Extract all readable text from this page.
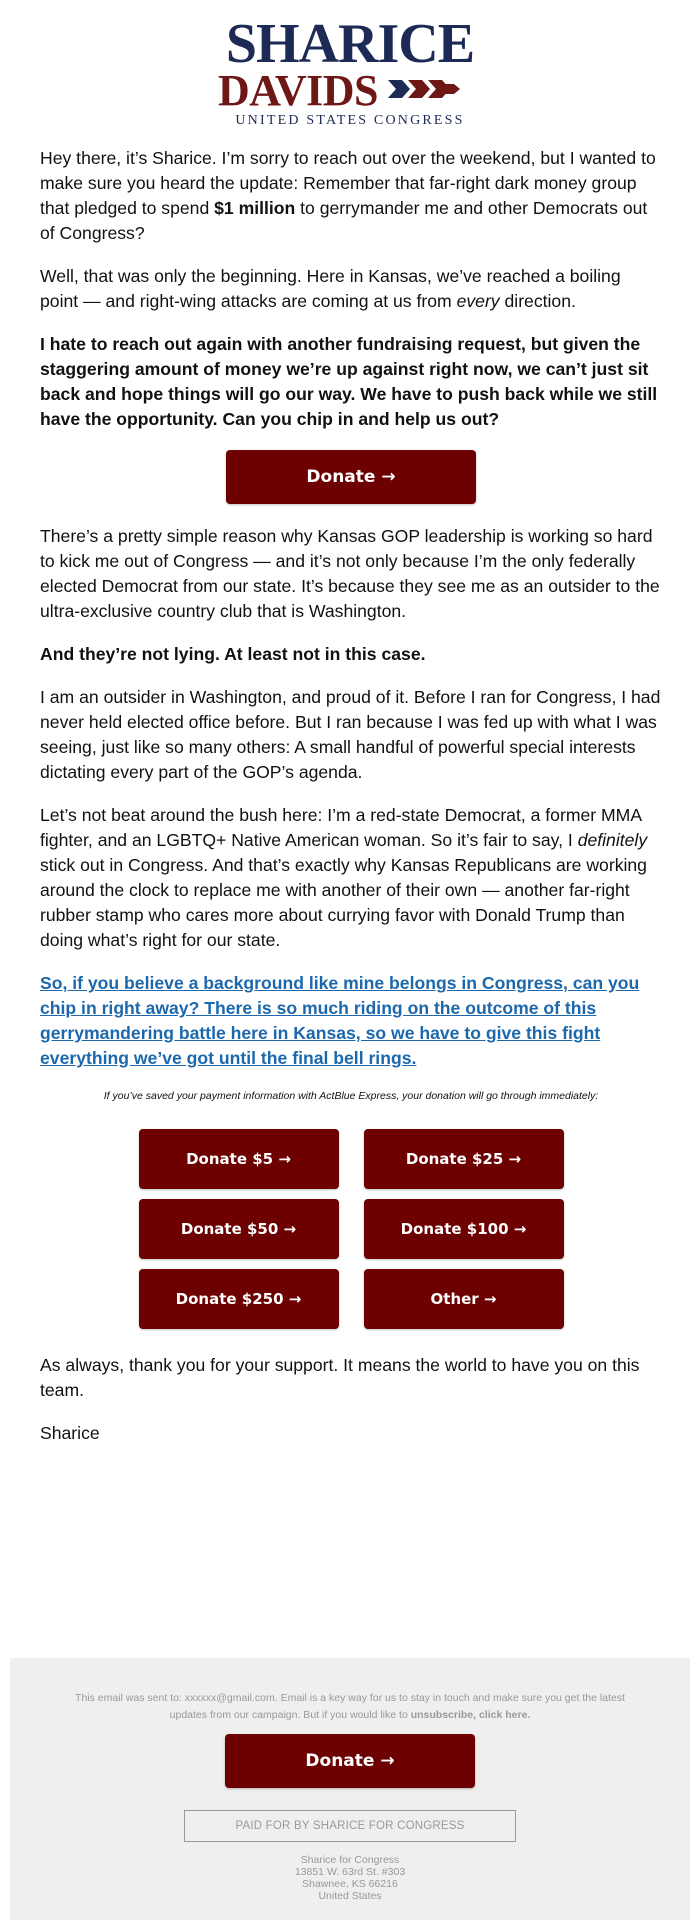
SHARICE
DAVIDS
UNITED STATES CONGRESS

Hey there, it’s Sharice. I’m sorry to reach out over the weekend, but I wanted to make sure you heard the update: Remember that far-right dark money group that pledged to spend $1 million to gerrymander me and other Democrats out of Congress?

Well, that was only the beginning. Here in Kansas, we’ve reached a boiling point — and right-wing attacks are coming at us from every direction.

I hate to reach out again with another fundraising request, but given the staggering amount of money we’re up against right now, we can’t just sit back and hope things will go our way. We have to push back while we still have the opportunity. Can you chip in and help us out?

Donate →

There’s a pretty simple reason why Kansas GOP leadership is working so hard to kick me out of Congress — and it’s not only because I’m the only federally elected Democrat from our state. It’s because they see me as an outsider to the ultra-exclusive country club that is Washington.

And they’re not lying. At least not in this case.

I am an outsider in Washington, and proud of it. Before I ran for Congress, I had never held elected office before. But I ran because I was fed up with what I was seeing, just like so many others: A small handful of powerful special interests dictating every part of the GOP’s agenda.

Let’s not beat around the bush here: I’m a red-state Democrat, a former MMA fighter, and an LGBTQ+ Native American woman. So it’s fair to say, I definitely stick out in Congress. And that’s exactly why Kansas Republicans are working around the clock to replace me with another of their own — another far-right rubber stamp who cares more about currying favor with Donald Trump than doing what’s right for our state.

So, if you believe a background like mine belongs in Congress, can you chip in right away? There is so much riding on the outcome of this gerrymandering battle here in Kansas, so we have to give this fight everything we’ve got until the final bell rings.

If you’ve saved your payment information with ActBlue Express, your donation will go through immediately:
Donate $5 →	Donate $25 →
Donate $50 →	Donate $100 →
Donate $250 →	Other →

As always, thank you for your support. It means the world to have you on this team.

Sharice

This email was sent to: xxxxxx@gmail.com. Email is a key way for us to stay in touch and make sure you get the latest updates from our campaign. But if you would like to unsubscribe, click here.
Donate →
PAID FOR BY SHARICE FOR CONGRESS
Sharice for Congress
13851 W. 63rd St. #303
Shawnee, KS 66216
United States
